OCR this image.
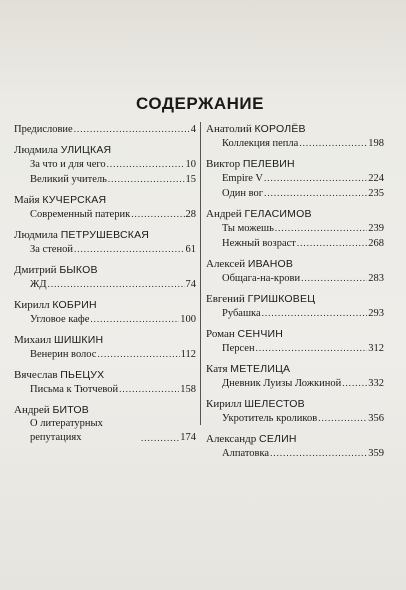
СОДЕРЖАНИЕ
Предисловие .....	4
Людмила УЛИЦКАЯ
За что и для чего .....	10
Великий учитель .....	15
Майя КУЧЕРСКАЯ
Современный патерик .....	28
Людмила ПЕТРУШЕВСКАЯ
За стеной .....	61
Дмитрий БЫКОВ
ЖД .....	74
Кирилл КОБРИН
Угловое кафе .....	100
Михаил ШИШКИН
Венерин волос .....	112
Вячеслав ПЬЕЦУХ
Письма к Тютчевой .....	158
Андрей БИТОВ
О литературных репутациях .....	174
Анатолий КОРОЛЁВ
Коллекция пепла .....	198
Виктор ПЕЛЕВИН
Empire V .....	224
Один вог .....	235
Андрей ГЕЛАСИМОВ
Ты можешь .....	239
Нежный возраст .....	268
Алексей ИВАНОВ
Общага-на-крови .....	283
Евгений ГРИШКОВЕЦ
Рубашка .....	293
Роман СЕНЧИН
Персен .....	312
Катя МЕТЕЛИЦА
Дневник Луизы Ложкиной .....	332
Кирилл ШЕЛЕСТОВ
Укротитель кроликов .....	356
Александр СЕЛИН
Алпатовка .....	359
